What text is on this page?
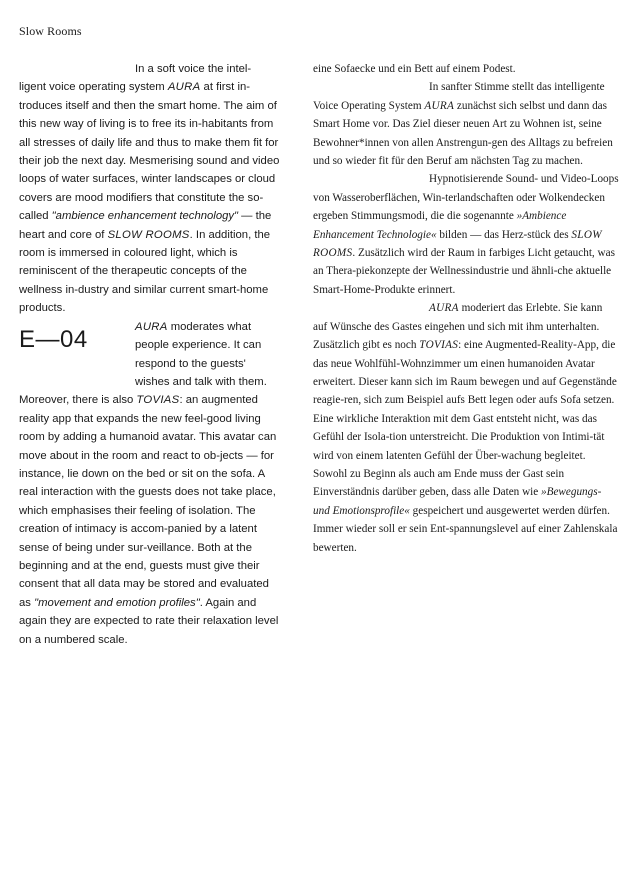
Slow Rooms
E—04

In a soft voice the intel-
ligent voice operating system AURA at first in-troduces itself and then the smart home. The aim of this new way of living is to free its in-habitants from all stresses of daily life and thus to make them fit for their job the next day. Mesmerising sound and video loops of water surfaces, winter landscapes or cloud covers are mood modifiers that constitute the so-called "ambience enhancement technology" — the heart and core of SLOW ROOMS. In addition, the room is immersed in coloured light, which is reminiscent of the therapeutic concepts of the wellness in-dustry and similar current smart-home products.

AURA moderates what people experience. It can respond to the guests' wishes and talk with them.

Moreover, there is also TOVIAS: an augmented reality app that expands the new feel-good living room by adding a humanoid avatar. This avatar can move about in the room and react to ob-jects — for instance, lie down on the bed or sit on the sofa. A real interaction with the guests does not take place, which emphasises their feeling of isolation. The creation of intimacy is accom-panied by a latent sense of being under sur-veillance. Both at the beginning and at the end, guests must give their consent that all data may be stored and evaluated as "movement and emotion profiles". Again and again they are expected to rate their relaxation level on a numbered scale.

eine Sofaecke und ein Bett auf einem Podest.

In sanfter Stimme stellt das intelligente Voice Operating System AURA zunächst sich selbst und dann das Smart Home vor. Das Ziel dieser neuen Art zu Wohnen ist, seine Bewohner*innen von allen Anstrengun-gen des Alltags zu befreien und so wieder fit für den Beruf am nächsten Tag zu machen.

Hypnotisierende Sound- und Video-Loops von Wasseroberflächen, Win-terlandschaften oder Wolkendecken ergeben Stimmungsmodi, die die sogenannte »Ambience Enhancement Technologie« bilden — das Herz-stück des SLOW ROOMS. Zusätzlich wird der Raum in farbiges Licht getaucht, was an Thera-piekonzepte der Wellnessindustrie und ähnli-che aktuelle Smart-Home-Produkte erinnert.

AURA moderiert das Erlebte. Sie kann auf Wünsche des Gastes eingehen und sich mit ihm unterhalten. Zusätzlich gibt es noch TOVIAS: eine Augmented-Reality-App, die das neue Wohlfühl-Wohnzimmer um einen humanoiden Avatar erweitert. Dieser kann sich im Raum bewegen und auf Gegenstände reagie-ren, sich zum Beispiel aufs Bett legen oder aufs Sofa setzen. Eine wirkliche Interaktion mit dem Gast entsteht nicht, was das Gefühl der Isola-tion unterstreicht. Die Produktion von Intimi-tät wird von einem latenten Gefühl der Über-wachung begleitet. Sowohl zu Beginn als auch am Ende muss der Gast sein Einverständnis darüber geben, dass alle Daten wie »Bewegungs- und Emotionsprofile« gespeichert und ausgewertet werden dürfen. Immer wieder soll er sein Ent-spannungslevel auf einer Zahlenskala bewerten.
